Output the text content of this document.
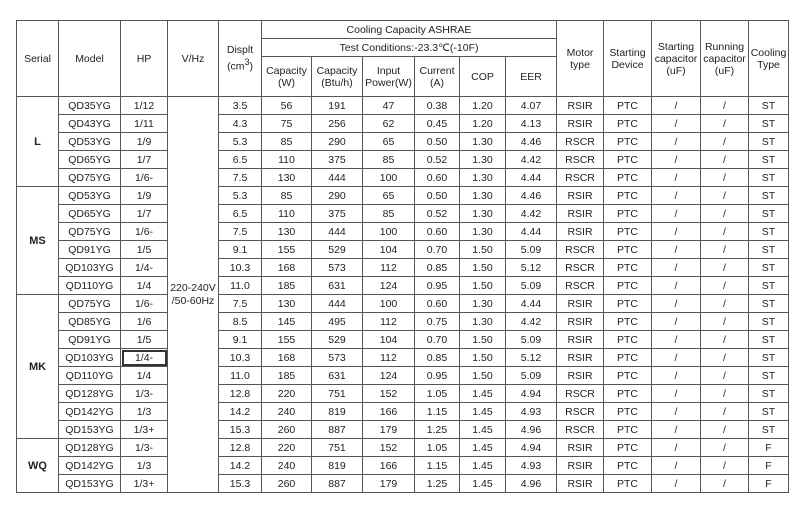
Serial	Model	HP	V/Hz	Displt
$(cm^3)$	Cooling Capacity ASHRAE						Motor type	Starting Device	Starting capacitor (uF)	Running capacitor (uF)	Cooling Type
					Test Conditions:-23.3℃(-10F)										
					Capacity (W)	Capacity (Btu/h)	Input Power(W)	Current (A)	COP	EER					
L	QD35YG	1/12	220-240V /50-60Hz	3.5	56	191	47	0.38	1.20	4.07	RSIR	PTC	/	/	ST
	QD43YG	1/11		4.3	75	256	62	0.45	1.20	4.13	RSIR	PTC	/	/	ST
	QD53YG	1/9		5.3	85	290	65	0.50	1.30	4.46	RSCR	PTC	/	/	ST
	QD65YG	1/7		6.5	110	375	85	0.52	1.30	4.42	RSCR	PTC	/	/	ST
	QD75YG	1/6-		7.5	130	444	100	0.60	1.30	4.44	RSCR	PTC	/	/	ST
MS	QD53YG	1/9		5.3	85	290	65	0.50	1.30	4.46	RSIR	PTC	/	/	ST
	QD65YG	1/7		6.5	110	375	85	0.52	1.30	4.42	RSIR	PTC	/	/	ST
	QD75YG	1/6-		7.5	130	444	100	0.60	1.30	4.44	RSIR	PTC	/	/	ST
	QD91YG	1/5		9.1	155	529	104	0.70	1.50	5.09	RSCR	PTC	/	/	ST
	QD103YG	1/4-		10.3	168	573	112	0.85	1.50	5.12	RSCR	PTC	/	/	ST
	QD110YG	1/4		11.0	185	631	124	0.95	1.50	5.09	RSCR	PTC	/	/	ST
MK	QD75YG	1/6-		7.5	130	444	100	0.60	1.30	4.44	RSIR	PTC	/	/	ST
	QD85YG	1/6		8.5	145	495	112	0.75	1.30	4.42	RSIR	PTC	/	/	ST
	QD91YG	1/5		9.1	155	529	104	0.70	1.50	5.09	RSIR	PTC	/	/	ST
	QD103YG	1/4-		10.3	168	573	112	0.85	1.50	5.12	RSIR	PTC	/	/	ST
	QD110YG	1/4		11.0	185	631	124	0.95	1.50	5.09	RSIR	PTC	/	/	ST
	QD128YG	1/3-		12.8	220	751	152	1.05	1.45	4.94	RSCR	PTC	/	/	ST
	QD142YG	1/3		14.2	240	819	166	1.15	1.45	4.93	RSCR	PTC	/	/	ST
	QD153YG	1/3+		15.3	260	887	179	1.25	1.45	4.96	RSCR	PTC	/	/	ST
WQ	QD128YG	1/3-		12.8	220	751	152	1.05	1.45	4.94	RSIR	PTC	/	/	F
	QD142YG	1/3		14.2	240	819	166	1.15	1.45	4.93	RSIR	PTC	/	/	F
	QD153YG	1/3+		15.3	260	887	179	1.25	1.45	4.96	RSIR	PTC	/	/	F
